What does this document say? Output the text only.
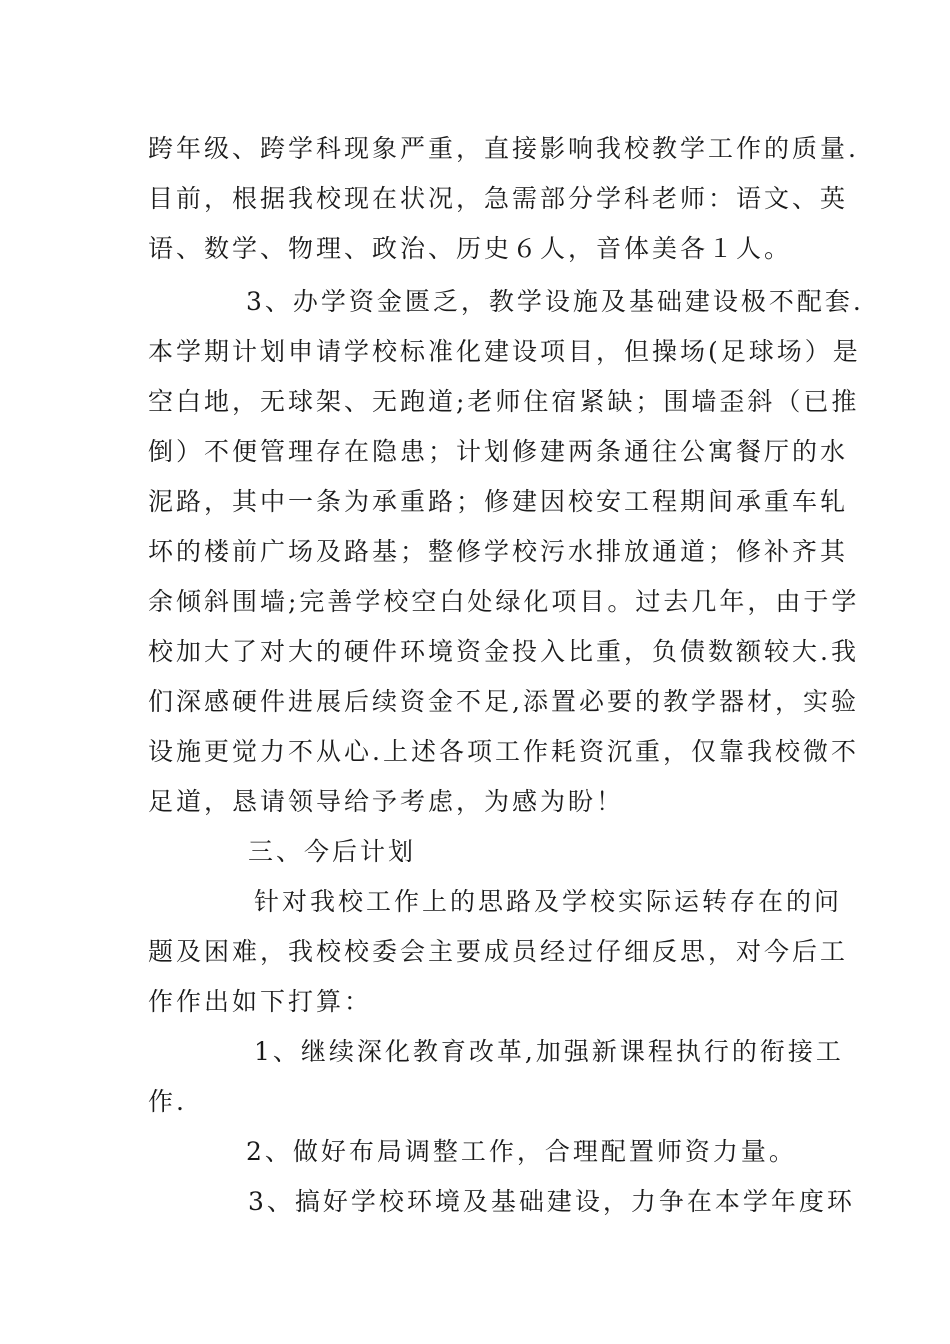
跨年级、跨学科现象严重，直接影响我校教学工作的质量.
目前，根据我校现在状况，急需部分学科老师：语文、英
语、数学、物理、政治、历史６人，音体美各１人。
3、办学资金匮乏，教学设施及基础建设极不配套.
本学期计划申请学校标准化建设项目，但操场(足球场）是
空白地，无球架、无跑道;老师住宿紧缺；围墙歪斜（已推
倒）不便管理存在隐患；计划修建两条通往公寓餐厅的水
泥路，其中一条为承重路；修建因校安工程期间承重车轧
坏的楼前广场及路基；整修学校污水排放通道；修补齐其
余倾斜围墙;完善学校空白处绿化项目。过去几年，由于学
校加大了对大的硬件环境资金投入比重，负债数额较大.我
们深感硬件进展后续资金不足,添置必要的教学器材，实验
设施更觉力不从心.上述各项工作耗资沉重，仅靠我校微不
足道，恳请领导给予考虑，为感为盼！
三、今后计划
针对我校工作上的思路及学校实际运转存在的问
题及困难，我校校委会主要成员经过仔细反思，对今后工
作作出如下打算：
1、继续深化教育改革,加强新课程执行的衔接工
作.
2、做好布局调整工作，合理配置师资力量。
3、搞好学校环境及基础建设，力争在本学年度环
